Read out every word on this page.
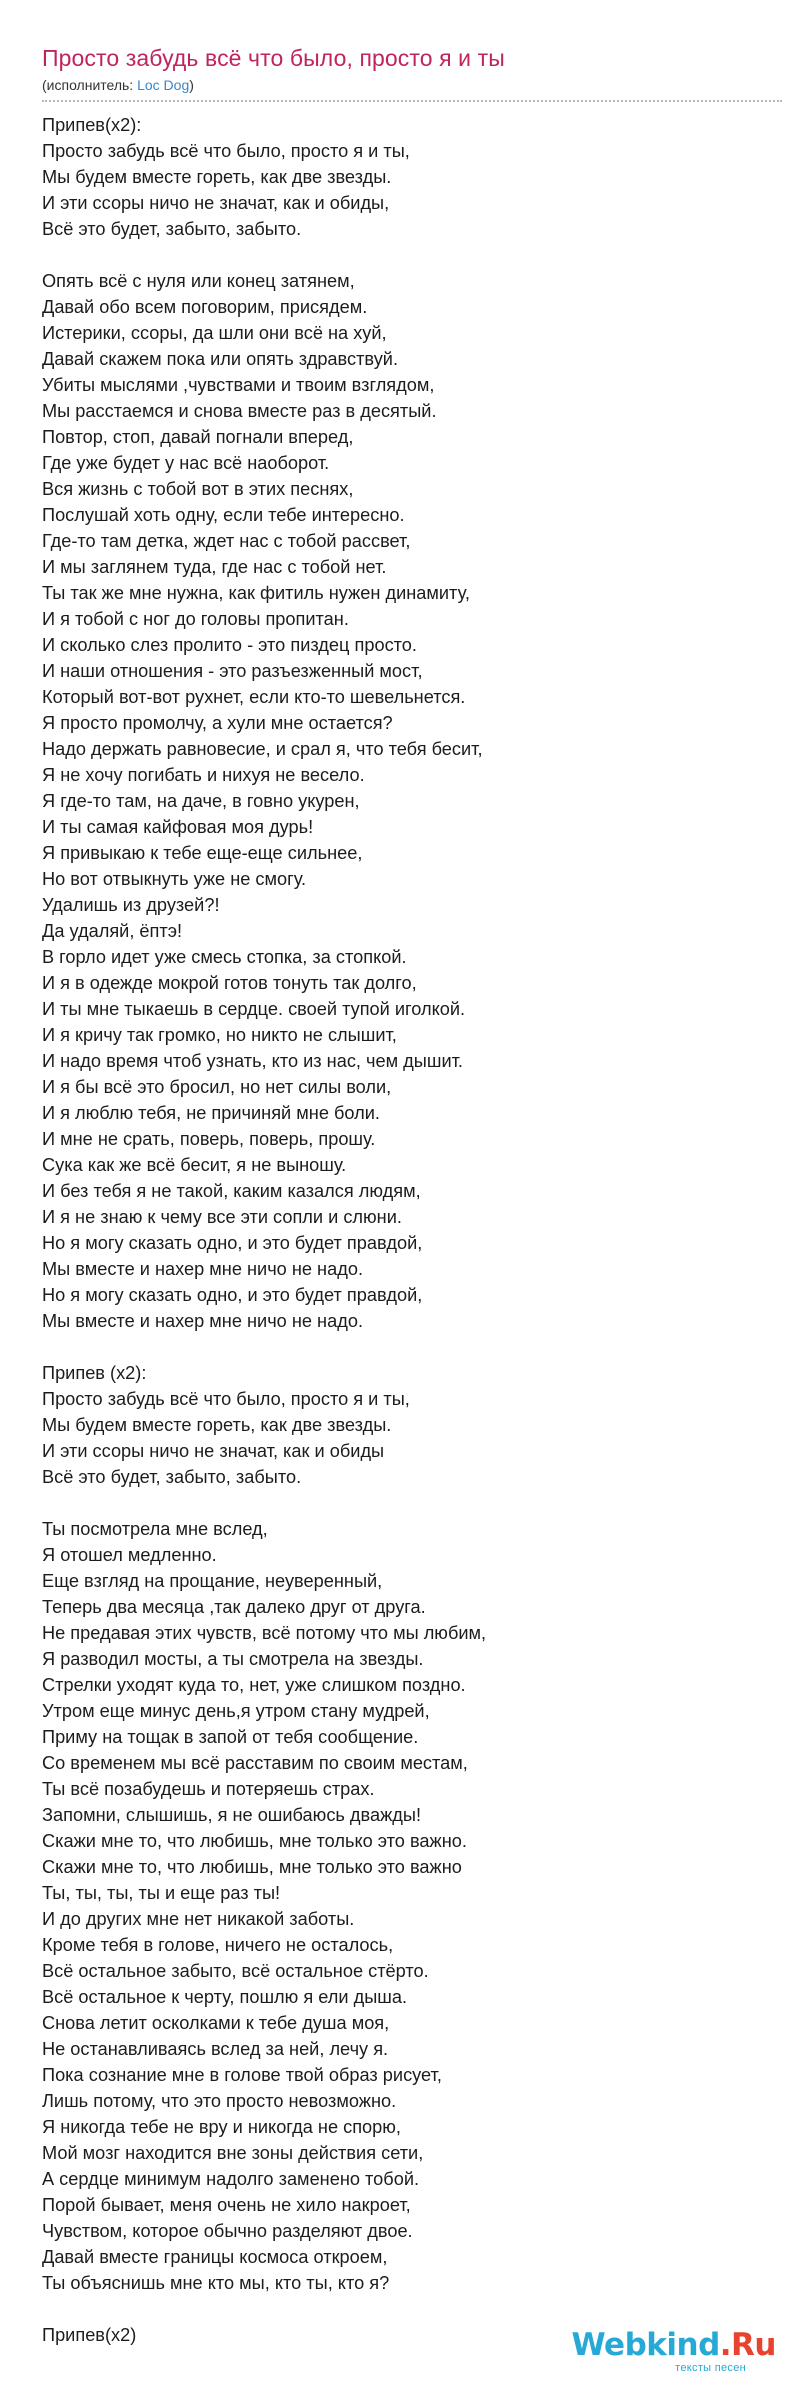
Просто забудь всё что было, просто я и ты
(исполнитель: Loc Dog)
Припев(x2):
Просто забудь всё что было, просто я и ты,
Мы будем вместе гореть, как две звезды.
И эти ссоры ничо не значат, как и обиды,
Всё это будет, забыто, забыто.
Опять всё с нуля или конец затянем,
Давай обо всем поговорим, присядем.
Истерики, ссоры, да шли они всё на хуй,
Давай скажем пока или опять здравствуй.
Убиты мыслями ,чувствами и твоим взглядом,
Мы расстаемся и снова вместе раз в десятый.
Повтор, стоп, давай погнали вперед,
Где уже будет у нас всё наоборот.
Вся жизнь с тобой вот в этих песнях,
Послушай хоть одну, если тебе интересно.
Где-то там детка, ждет нас с тобой рассвет,
И мы заглянем туда, где нас с тобой нет.
Ты так же мне нужна, как фитиль нужен динамиту,
И я тобой с ног до головы пропитан.
И сколько слез пролито - это пиздец просто.
И наши отношения - это разъезженный мост,
Который вот-вот рухнет, если кто-то шевельнется.
Я просто промолчу, а хули мне остается?
Надо держать равновесие, и срал я, что тебя бесит,
Я не хочу погибать и нихуя не весело.
Я где-то там, на даче, в говно укурен,
И ты самая кайфовая моя дурь!
Я привыкаю к тебе еще-еще сильнее,
Но вот отвыкнуть уже не смогу.
Удалишь из друзей?!
Да удаляй, ёптэ!
В горло идет уже смесь стопка, за стопкой.
И я в одежде мокрой готов тонуть так долго,
И ты мне тыкаешь в сердце. своей тупой иголкой.
И я кричу так громко, но никто не слышит,
И надо время чтоб узнать, кто из нас, чем дышит.
И я бы всё это бросил, но нет силы воли,
И я люблю тебя, не причиняй мне боли.
И мне не срать, поверь, поверь, прошу.
Сука как же всё бесит, я не выношу.
И без тебя я не такой, каким казался людям,
И я не знаю к чему все эти сопли и слюни.
Но я могу сказать одно, и это будет правдой,
Мы вместе и нахер мне ничо не надо.
Но я могу сказать одно, и это будет правдой,
Мы вместе и нахер мне ничо не надо.
Припев (x2):
Просто забудь всё что было, просто я и ты,
Мы будем вместе гореть, как две звезды.
И эти ссоры ничо не значат, как и обиды
Всё это будет, забыто, забыто.
Ты посмотрела мне вслед,
Я отошел медленно.
Еще взгляд на прощание, неуверенный,
Теперь два месяца ,так далеко друг от друга.
Не предавая этих чувств, всё потому что мы любим,
Я разводил мосты, а ты смотрела на звезды.
Стрелки уходят куда то, нет, уже слишком поздно.
Утром еще минус день,я утром стану мудрей,
Приму на тощак в запой от тебя сообщение.
Со временем мы всё расставим по своим местам,
Ты всё позабудешь и потеряешь страх.
Запомни, слышишь, я не ошибаюсь дважды!
Скажи мне то, что любишь, мне только это важно.
Скажи мне то, что любишь, мне только это важно
Ты, ты, ты, ты и еще раз ты!
И до других мне нет никакой заботы.
Кроме тебя в голове, ничего не осталось,
Всё остальное забыто, всё остальное стёрто.
Всё остальное к черту, пошлю я ели дыша.
Снова летит осколками к тебе душа моя,
Не останавливаясь вслед за ней, лечу я.
Пока сознание мне в голове твой образ рисует,
Лишь потому, что это просто невозможно.
Я никогда тебе не вру и никогда не спорю,
Мой мозг находится вне зоны действия сети,
А сердце минимум надолго заменено тобой.
Порой бывает, меня очень не хило накроет,
Чувством, которое обычно разделяют двое.
Давай вместе границы космоса откроем,
Ты объяснишь мне кто мы, кто ты, кто я?
Припев(x2)	Webkind.Ru
тексты песен
